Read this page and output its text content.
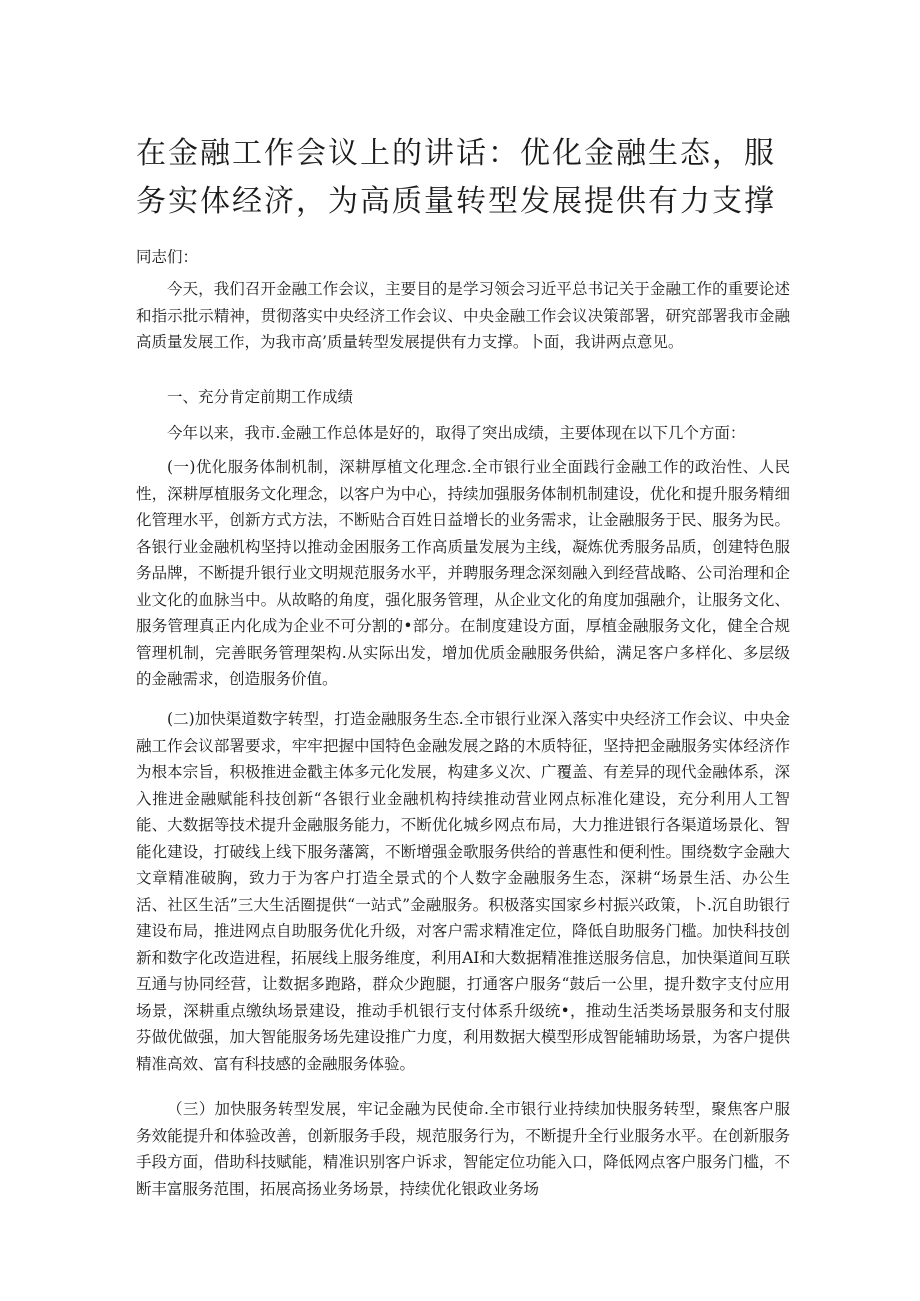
在金融工作会议上的讲话：优化金融生态，服务实体经济，为高质量转型发展提供有力支撑

同志们：

今天，我们召开金融工作会议，主要目的是学习领会习近平总书记关于金融工作的重要论述和指示批示精神，贯彻落实中央经济工作会议、中央金融工作会议决策部署，研究部署我市金融高质量发展工作，为我市高’质量转型发展提供有力支撑。卜面，我讲两点意见。

一、充分肯定前期工作成绩

今年以来，我市.金融工作总体是好的，取得了突出成绩，主要体现在以下几个方面：

(一)优化服务体制机制，深耕厚植文化理念.全市银行业全面践行金融工作的政治性、人民性，深耕厚植服务文化理念，以客户为中心，持续加强服务体制机制建设，优化和提升服务精细化管理水平，创新方式方法，不断贴合百姓日益增长的业务需求，让金融服务于民、服务为民。各银行业金融机构坚持以推动金困服务工作高质量发展为主线，凝炼优秀服务品质，创建特色服务品牌，不断提升银行业文明规范服务水平，并聘服务理念深刻融入到经营战略、公司治理和企业文化的血脉当中。从故略的角度，强化服务管理，从企业文化的角度加强融介，让服务文化、服务管理真正内化成为企业不可分割的•部分。在制度建设方面，厚植金融服务文化，健全合规管理机制，完善眠务管理架构.从实际出发，增加优质金融服务供給，满足客户多样化、多层级的金融需求，创造服务价值。

(二)加快渠道数字转型，打造金融服务生态.全市银行业深入落实中央经济工作会议、中央金融工作会议部署要求，牢牢把握中国特色金融发展之路的木质特征，坚持把金融服务实体经济作为根本宗旨，积极推进金戳主体多元化发展，构建多义次、广覆盖、有差异的现代金融体系，深入推进金融赋能科技创新“各银行业金融机构持续推动营业网点标准化建设，充分利用人工智能、大数据等技术提升金融服务能力，不断优化城乡网点布局，大力推进银行各渠道场景化、智能化建设，打破线上线下服务藩篱，不断增强金歌服务供给的普惠性和便利性。围绕数字金融大文章精准破胸，致力于为客户打造全景式的个人数字金融服务生态，深耕“场景生活、办公生活、社区生活”三大生活圈提供“一站式”金融服务。积极落实国家乡村振兴政策，卜.沉自助银行建设布局，推进网点自助服务优化升级，对客户需求精准定位，降低自助服务门槛。加快科技创新和数字化改造进程，拓展线上服务维度，利用AI和大数据精准推送服务信息，加快渠道间互联互通与协同经营，让数据多跑路，群众少跑腿，打通客户服务“鼓后一公里，提升数字支付应用场景，深耕重点缴纨场景建设，推动手机银行支付体系升级统•，推动生活类场景服务和支付服芬做优做强，加大智能服务场先建设推广力度，利用数据大模型形成智能辅助场景，为客户提供精准高效、富有科技感的金融服务体验。

（三）加快服务转型发展，牢记金融为民使命.全市银行业持续加快服务转型，聚焦客户服务效能提升和体验改善，创新服务手段，规范服务行为，不断提升全行业服务水平。在创新服务手段方面，借助科技赋能，精准识别客户诉求，智能定位功能入口，降低网点客户服务门槛，不断丰富服务范围，拓展高扬业务场景，持续优化银政业务场
